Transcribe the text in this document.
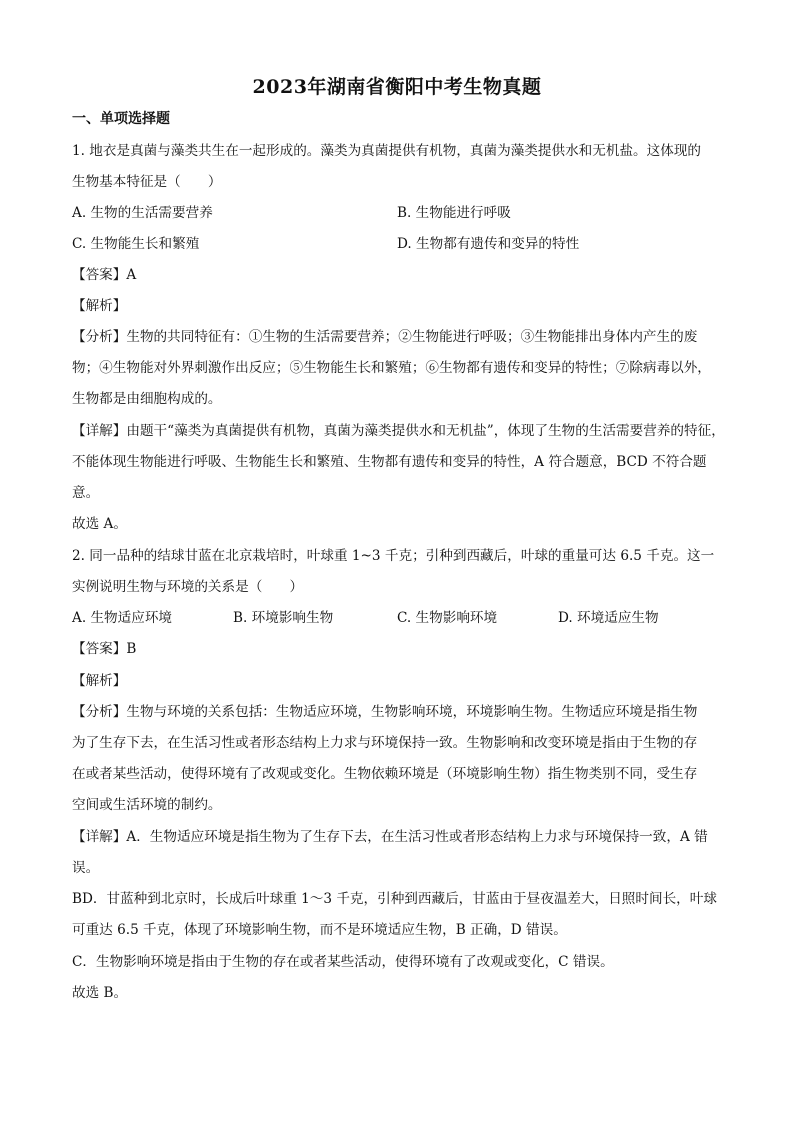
2023年湖南省衡阳中考生物真题
一、单项选择题
1. 地衣是真菌与藻类共生在一起形成的。藻类为真菌提供有机物，真菌为藻类提供水和无机盐。这体现的
生物基本特征是（　　）
A. 生物的生活需要营养	B. 生物能进行呼吸
C. 生物能生长和繁殖	D. 生物都有遗传和变异的特性
【答案】A
【解析】
【分析】生物的共同特征有：①生物的生活需要营养；②生物能进行呼吸；③生物能排出身体内产生的废
物；④生物能对外界刺激作出反应；⑤生物能生长和繁殖；⑥生物都有遗传和变异的特性；⑦除病毒以外，
生物都是由细胞构成的。
【详解】由题干“藻类为真菌提供有机物，真菌为藻类提供水和无机盐”，体现了生物的生活需要营养的特征，
不能体现生物能进行呼吸、生物能生长和繁殖、生物都有遗传和变异的特性，A 符合题意，BCD 不符合题
意。
故选 A。
2. 同一品种的结球甘蓝在北京栽培时，叶球重 1~3 千克；引种到西藏后，叶球的重量可达 6.5 千克。这一
实例说明生物与环境的关系是（　　）
A. 生物适应环境	B. 环境影响生物	C. 生物影响环境	D. 环境适应生物
【答案】B
【解析】
【分析】生物与环境的关系包括：生物适应环境，生物影响环境，环境影响生物。生物适应环境是指生物
为了生存下去，在生活习性或者形态结构上力求与环境保持一致。生物影响和改变环境是指由于生物的存
在或者某些活动，使得环境有了改观或变化。生物依赖环境是（环境影响生物）指生物类别不同，受生存
空间或生活环境的制约。
【详解】A．生物适应环境是指生物为了生存下去，在生活习性或者形态结构上力求与环境保持一致，A 错
误。
BD．甘蓝种到北京时，长成后叶球重 1～3 千克，引种到西藏后，甘蓝由于昼夜温差大，日照时间长，叶球
可重达 6.5 千克，体现了环境影响生物，而不是环境适应生物，B 正确，D 错误。
C．生物影响环境是指由于生物的存在或者某些活动，使得环境有了改观或变化，C 错误。
故选 B。
